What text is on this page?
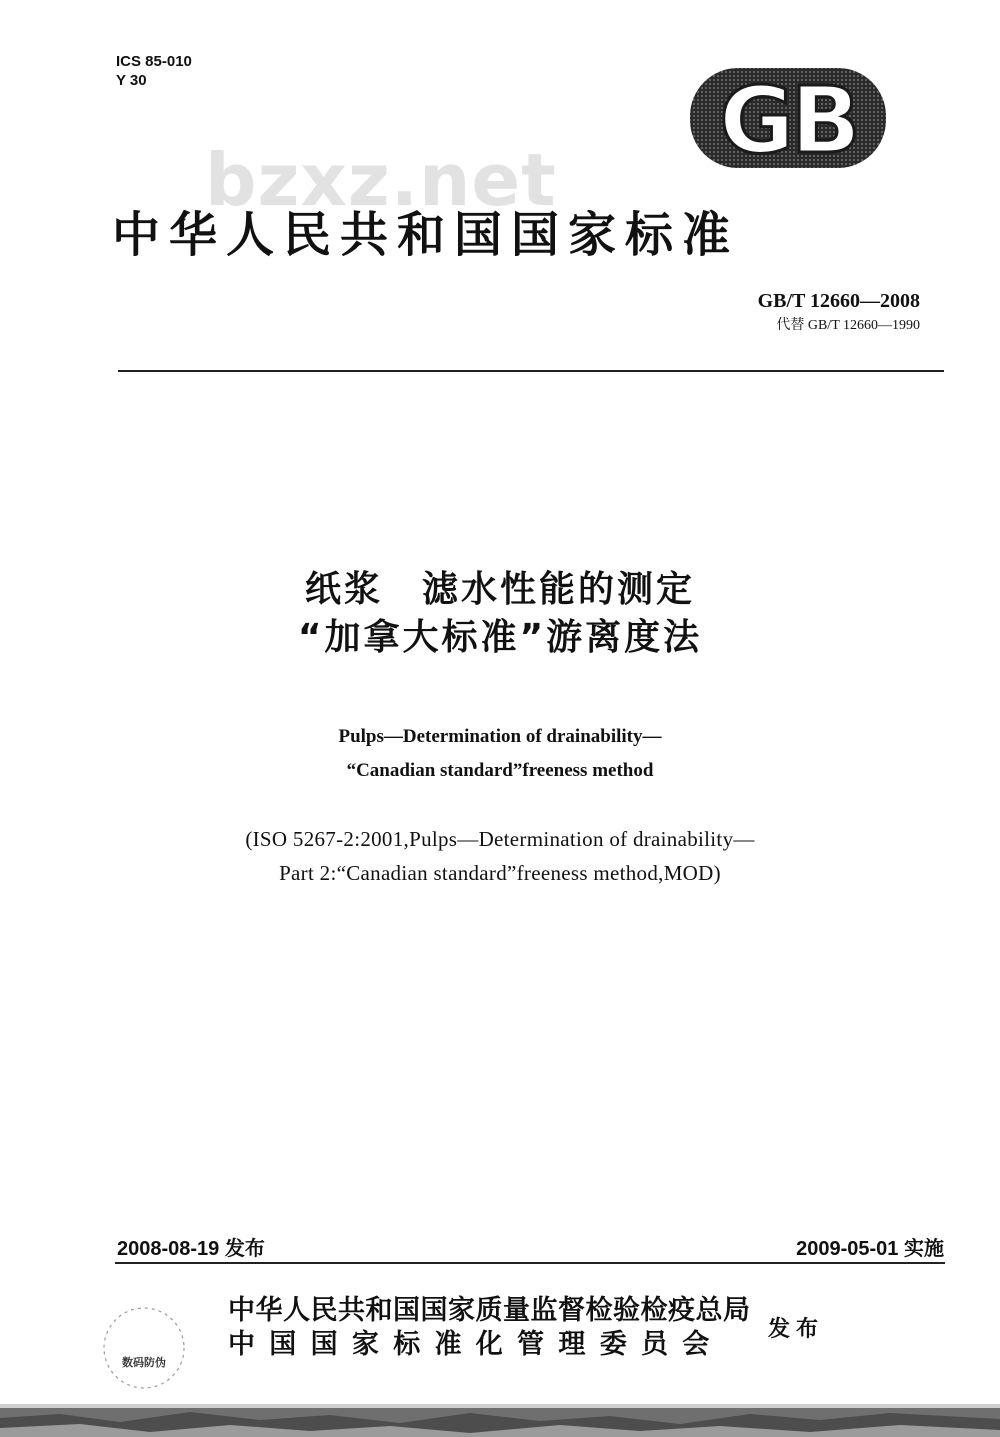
ICS 85-010
Y 30	GB
bzxz.net
中华人民共和国国家标准
GB/T 12660—2008
代替 GB/T 12660—1990
纸浆　滤水性能的测定
“加拿大标准”游离度法
Pulps—Determination of drainability—
“Canadian standard”freeness method
(ISO 5267-2:2001,Pulps—Determination of drainability—
Part 2:“Canadian standard”freeness method,MOD)
2008-08-19 发布	2009-05-01 实施
数码防伪
中华人民共和国国家质量监督检验检疫总局
中国国家标准化管理委员会	发布
